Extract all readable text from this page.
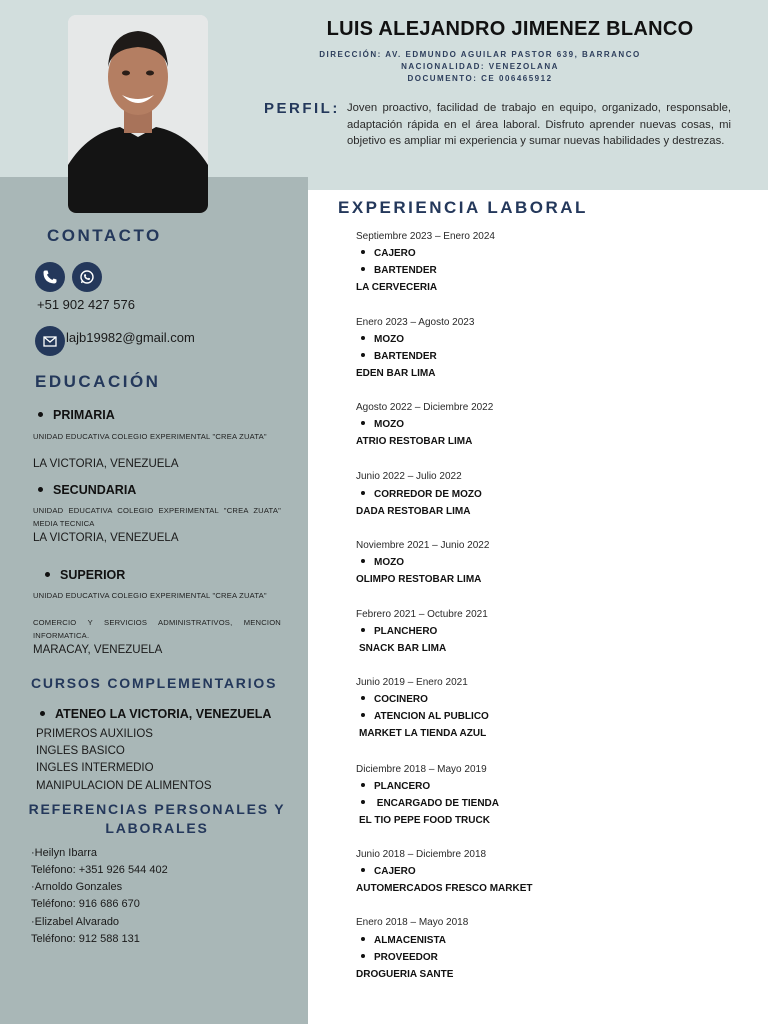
LUIS ALEJANDRO JIMENEZ BLANCO
DIRECCIÓN: AV. EDMUNDO AGUILAR PASTOR 639, BARRANCO
NACIONALIDAD: VENEZOLANA
DOCUMENTO: CE 006465912
PERFIL: Joven proactivo, facilidad de trabajo en equipo, organizado, responsable, adaptación rápida en el área laboral. Disfruto aprender nuevas cosas, mi objetivo es ampliar mi experiencia y sumar nuevas habilidades y destrezas.
CONTACTO
+51 902 427 576
lajb19982@gmail.com
EDUCACIÓN
PRIMARIA
UNIDAD EDUCATIVA COLEGIO EXPERIMENTAL "CREA ZUATA"
LA VICTORIA, VENEZUELA
SECUNDARIA
UNIDAD EDUCATIVA COLEGIO EXPERIMENTAL "CREA ZUATA" MEDIA TECNICA
LA VICTORIA, VENEZUELA
SUPERIOR
UNIDAD EDUCATIVA COLEGIO EXPERIMENTAL "CREA ZUATA"
COMERCIO Y SERVICIOS ADMINISTRATIVOS, MENCION INFORMATICA.
MARACAY, VENEZUELA
CURSOS COMPLEMENTARIOS
ATENEO LA VICTORIA, VENEZUELA
PRIMEROS AUXILIOS
INGLES BASICO
INGLES INTERMEDIO
MANIPULACION DE ALIMENTOS
REFERENCIAS PERSONALES Y
LABORALES
·Heilyn Ibarra
Teléfono: +351 926 544 402
·Arnoldo Gonzales
Teléfono: 916 686 670
·Elizabel Alvarado
Teléfono: 912 588 131
EXPERIENCIA LABORAL
Septiembre 2023 – Enero 2024
CAJERO
BARTENDER
LA CERVECERIA
Enero 2023 – Agosto 2023
MOZO
BARTENDER
EDEN BAR LIMA
Agosto 2022 – Diciembre 2022
MOZO
ATRIO RESTOBAR LIMA
Junio 2022 – Julio 2022
CORREDOR DE MOZO
DADA RESTOBAR LIMA
Noviembre 2021 – Junio 2022
MOZO
OLIMPO RESTOBAR LIMA
Febrero 2021 – Octubre 2021
PLANCHERO
SNACK BAR LIMA
Junio 2019 – Enero 2021
COCINERO
ATENCION AL PUBLICO
MARKET LA TIENDA AZUL
Diciembre 2018 – Mayo 2019
PLANCERO
ENCARGADO DE TIENDA
EL TIO PEPE FOOD TRUCK
Junio 2018 – Diciembre 2018
CAJERO
AUTOMERCADOS FRESCO MARKET
Enero 2018 – Mayo 2018
ALMACENISTA
PROVEEDOR
DROGUERIA SANTE
